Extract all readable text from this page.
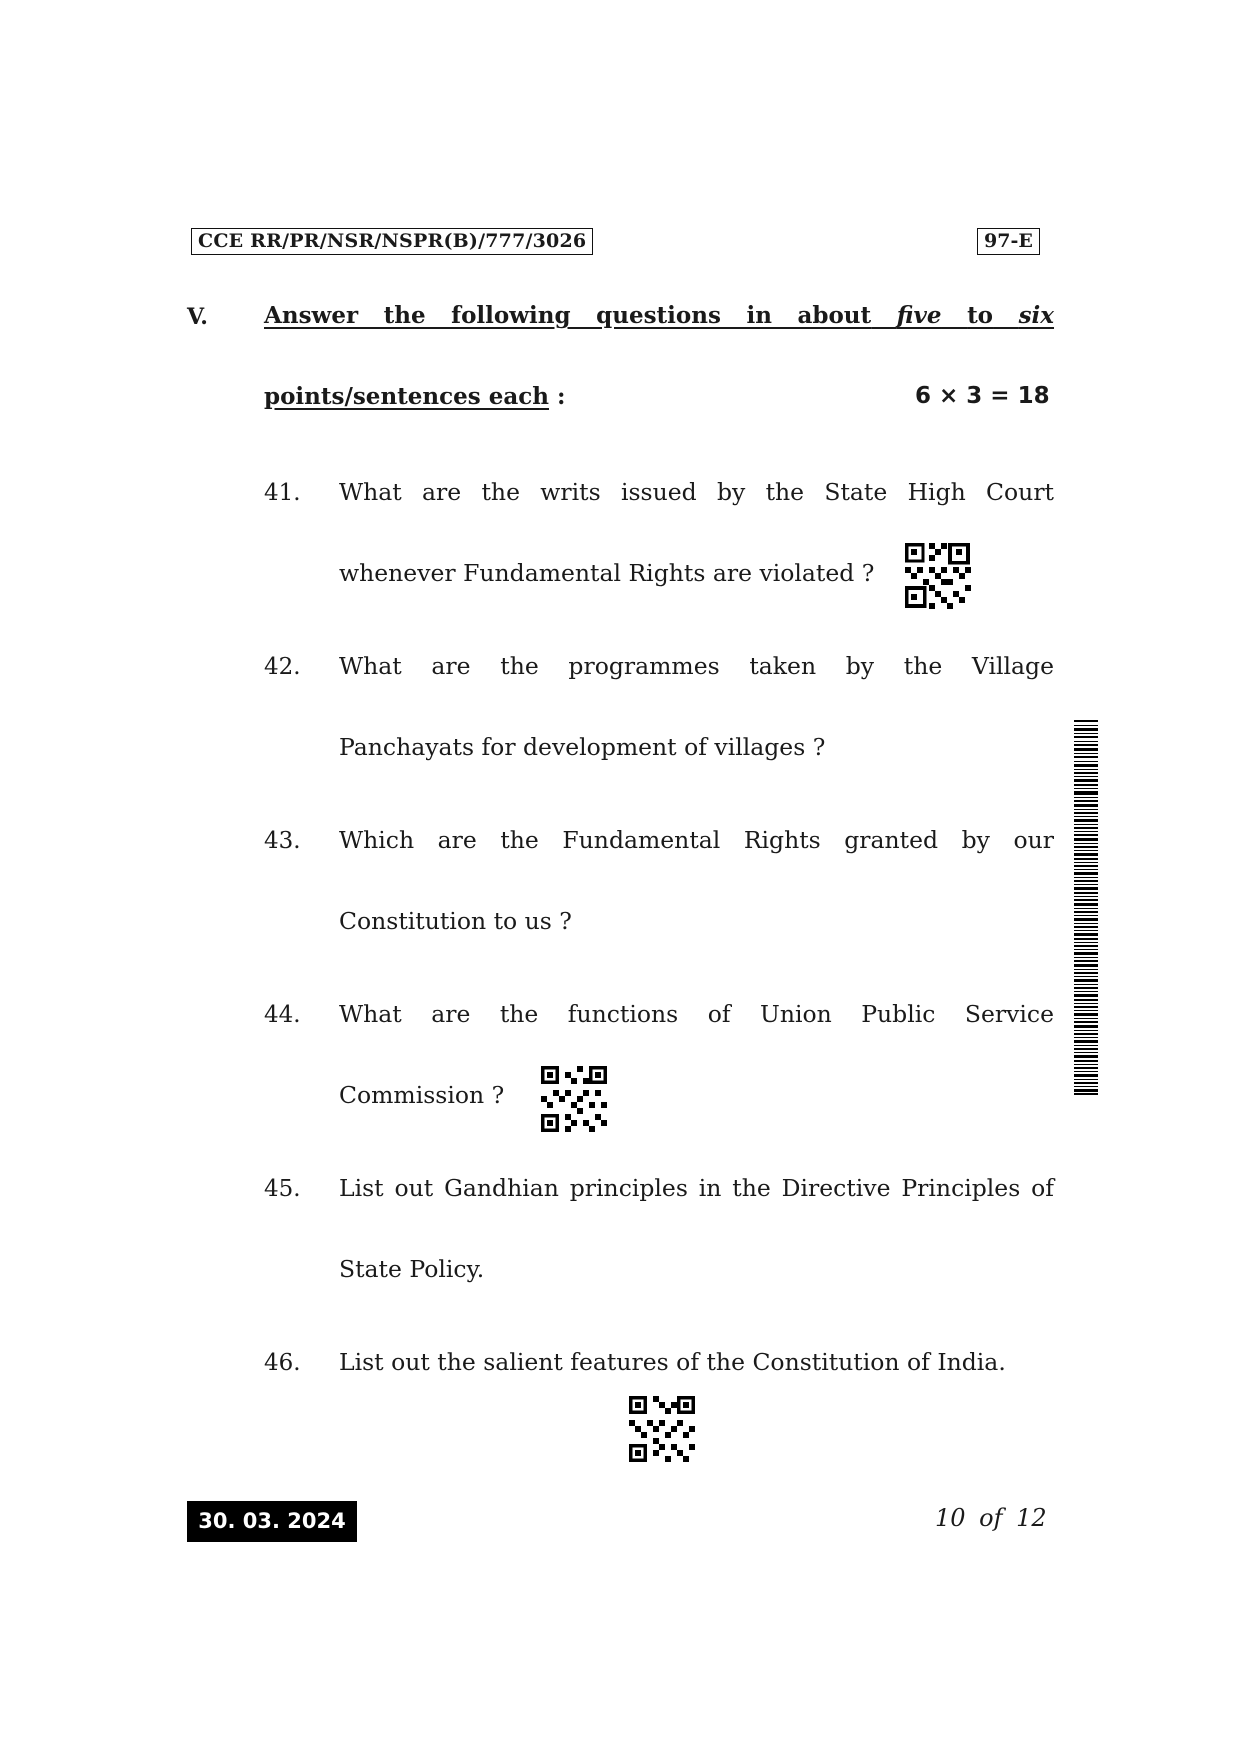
CCE RR/PR/NSR/NSPR(B)/777/3026	97-E
V. Answer the following questions in about five to six
points/sentences each :	6 × 3 = 18
41. What are the writs issued by the State High Court
whenever Fundamental Rights are violated ?
42. What are the programmes taken by the Village
Panchayats for development of villages ?
43. Which are the Fundamental Rights granted by our
Constitution to us ?
44. What are the functions of Union Public Service
Commission ?
45. List out Gandhian principles in the Directive Principles of
State Policy.
46. List out the salient features of the Constitution of India.
30. 03. 2024	10 of 12
